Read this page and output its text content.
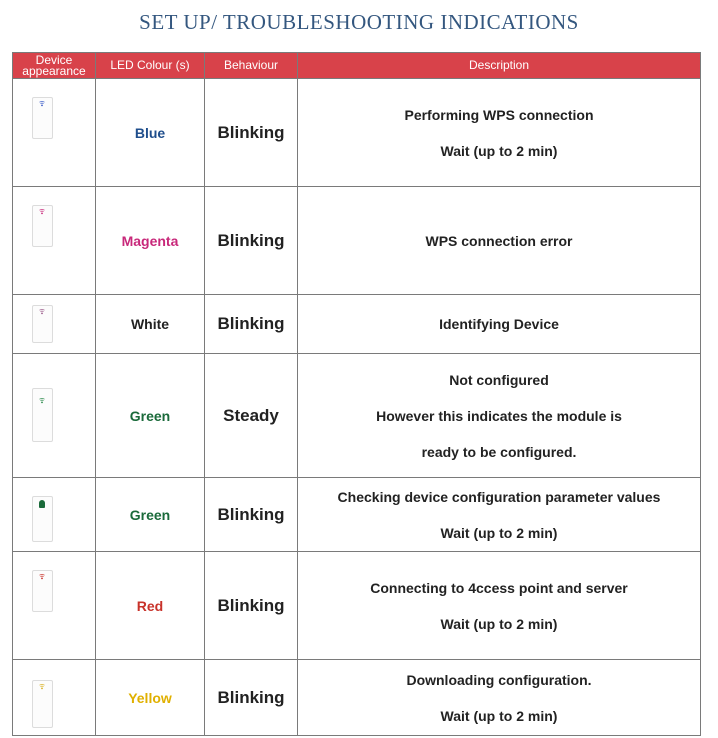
SET UP/ TROUBLESHOOTING INDICATIONS
Device appearance	LED Colour (s)	Behaviour	Description

	Blue	Blinking	Performing WPS connection
Wait (up to 2 min)

	Magenta	Blinking	WPS connection error

	White	Blinking	Identifying Device

	Green	Steady	Not configured
However this indicates the module is
ready to be configured.

	Green	Blinking	Checking device configuration parameter values
Wait (up to 2 min)

	Red	Blinking	Connecting to 4ccess point and server
Wait (up to 2 min)

	Yellow	Blinking	Downloading configuration.
Wait (up to 2 min)
